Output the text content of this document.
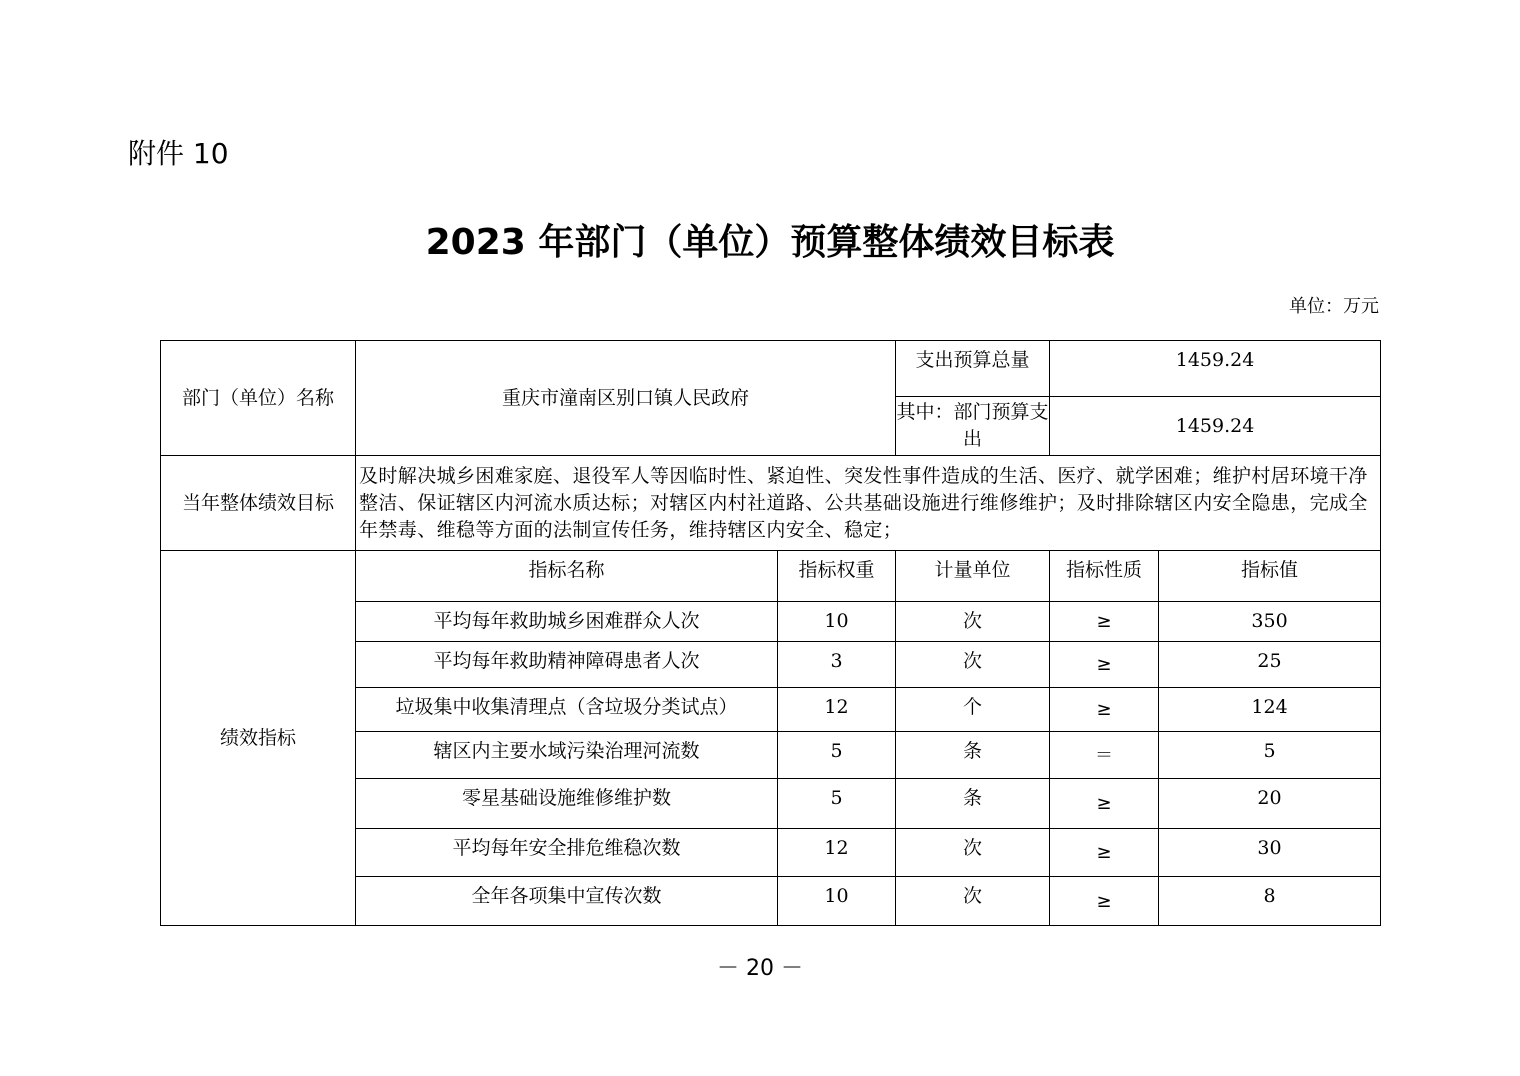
附件 10
2023 年部门（单位）预算整体绩效目标表
单位：万元
部门（单位）名称	重庆市潼南区别口镇人民政府		支出预算总量	1459.24	
			其中：部门预算支出	1459.24	
当年整体绩效目标	及时解决城乡困难家庭、退役军人等因临时性、紧迫性、突发性事件造成的生活、医疗、就学困难；维护村居环境干净整洁、保证辖区内河流水质达标；对辖区内村社道路、公共基础设施进行维修维护；及时排除辖区内安全隐患，完成全年禁毒、维稳等方面的法制宣传任务，维持辖区内安全、稳定；				
绩效指标	指标名称	指标权重	计量单位	指标性质	指标值
	平均每年救助城乡困难群众人次	10	次	≥	350
	平均每年救助精神障碍患者人次	3	次	≥	25
	垃圾集中收集清理点（含垃圾分类试点）	12	个	≥	124
	辖区内主要水域污染治理河流数	5	条	＝	5
	零星基础设施维修维护数	5	条	≥	20
	平均每年安全排危维稳次数	12	次	≥	30
	全年各项集中宣传次数	10	次	≥	8
－ 20 －
